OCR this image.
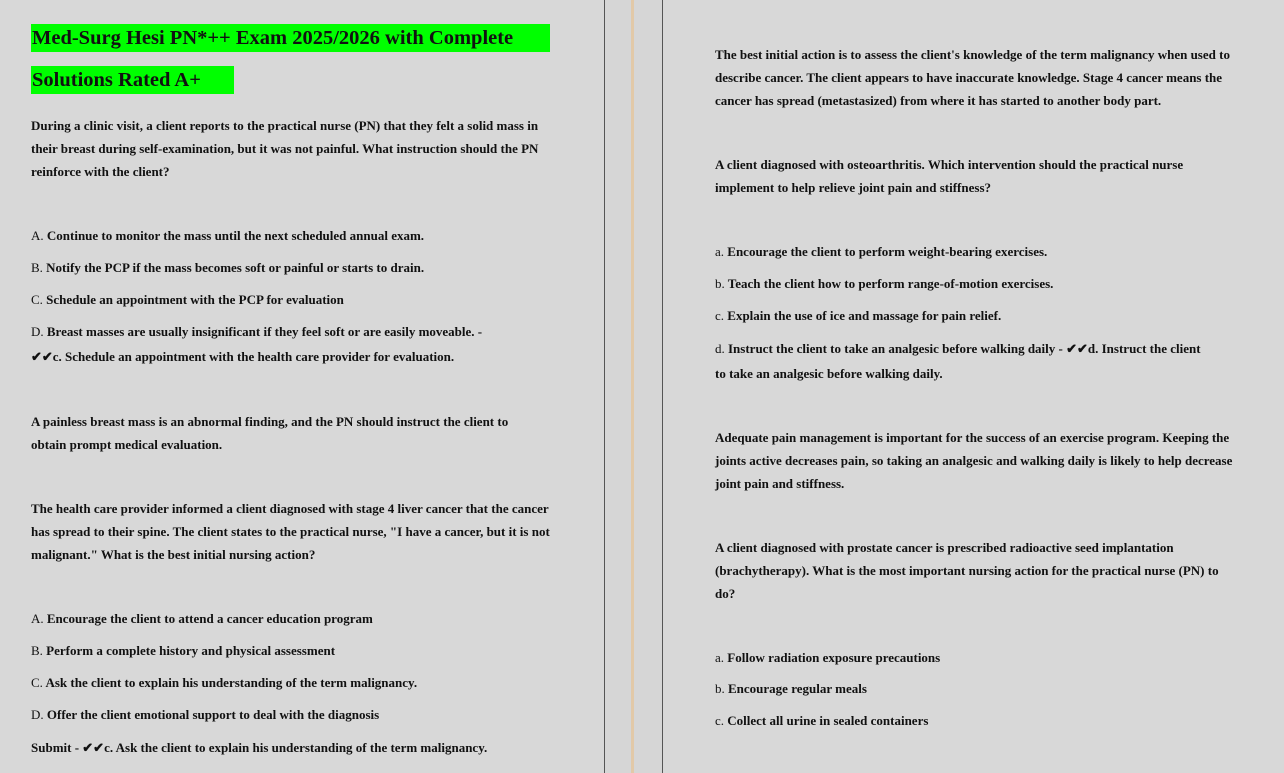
Med-Surg Hesi PN*++ Exam 2025/2026 with Complete
Solutions Rated A+
During a clinic visit, a client reports to the practical nurse (PN) that they felt a solid mass in their breast during self-examination, but it was not painful. What instruction should the PN reinforce with the client?
A. Continue to monitor the mass until the next scheduled annual exam.
B. Notify the PCP if the mass becomes soft or painful or starts to drain.
C. Schedule an appointment with the PCP for evaluation
D. Breast masses are usually insignificant if they feel soft or are easily moveable. -
✔✔c. Schedule an appointment with the health care provider for evaluation.
A painless breast mass is an abnormal finding, and the PN should instruct the client to obtain prompt medical evaluation.
The health care provider informed a client diagnosed with stage 4 liver cancer that the cancer has spread to their spine. The client states to the practical nurse, "I have a cancer, but it is not malignant." What is the best initial nursing action?
A. Encourage the client to attend a cancer education program
B. Perform a complete history and physical assessment
C. Ask the client to explain his understanding of the term malignancy.
D. Offer the client emotional support to deal with the diagnosis
Submit - ✔✔c. Ask the client to explain his understanding of the term malignancy.
The best initial action is to assess the client's knowledge of the term malignancy when used to describe cancer. The client appears to have inaccurate knowledge. Stage 4 cancer means the cancer has spread (metastasized) from where it has started to another body part.
A client diagnosed with osteoarthritis. Which intervention should the practical nurse implement to help relieve joint pain and stiffness?
a. Encourage the client to perform weight-bearing exercises.
b. Teach the client how to perform range-of-motion exercises.
c. Explain the use of ice and massage for pain relief.
d. Instruct the client to take an analgesic before walking daily - ✔✔d. Instruct the client
to take an analgesic before walking daily.
Adequate pain management is important for the success of an exercise program. Keeping the joints active decreases pain, so taking an analgesic and walking daily is likely to help decrease joint pain and stiffness.
A client diagnosed with prostate cancer is prescribed radioactive seed implantation (brachytherapy). What is the most important nursing action for the practical nurse (PN) to do?
a. Follow radiation exposure precautions
b. Encourage regular meals
c. Collect all urine in sealed containers
